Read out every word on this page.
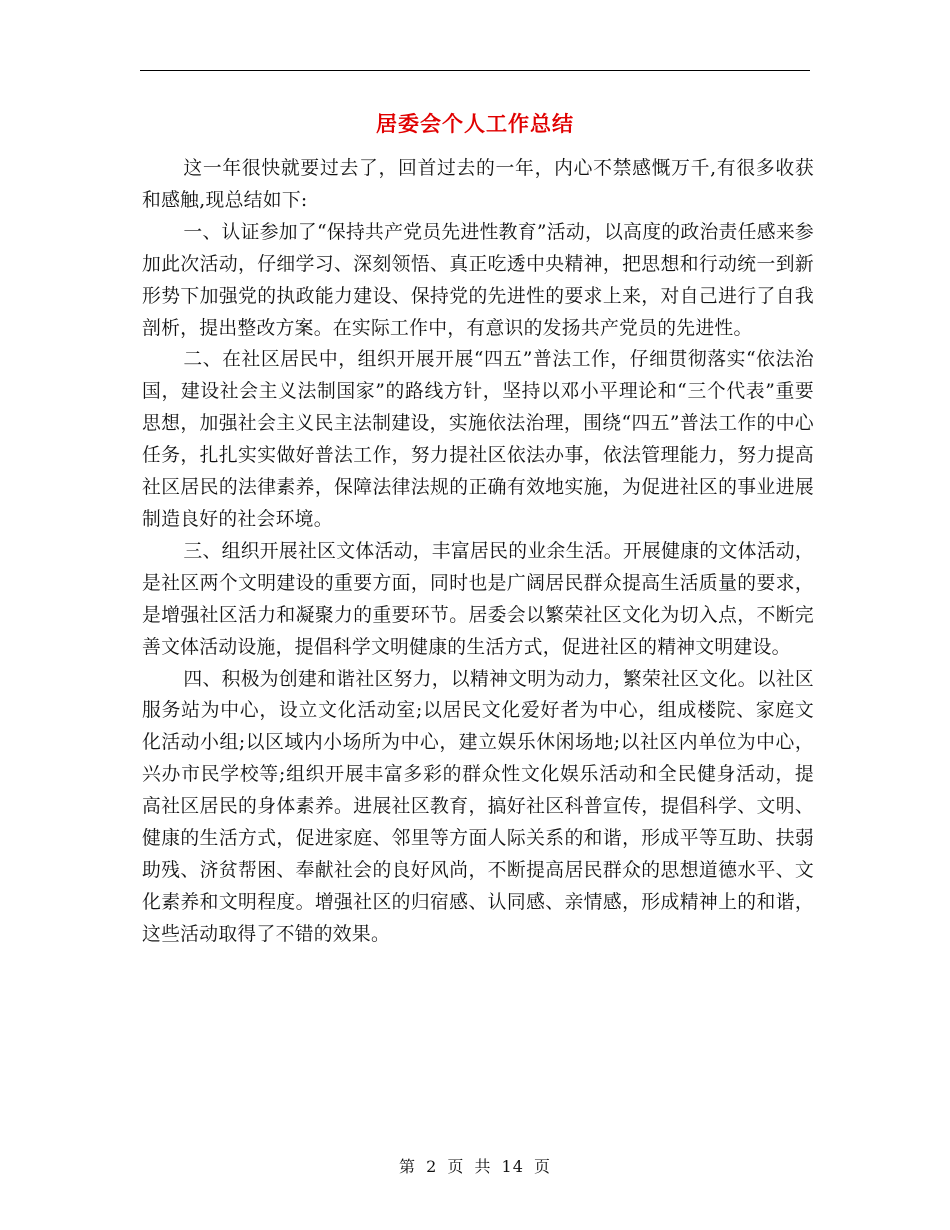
居委会个人工作总结

这一年很快就要过去了，回首过去的一年，内心不禁感慨万千,有很多收获和感触,现总结如下:

一、认证参加了“保持共产党员先进性教育”活动，以高度的政治责任感来参加此次活动，仔细学习、深刻领悟、真正吃透中央精神，把思想和行动统一到新形势下加强党的执政能力建设、保持党的先进性的要求上来，对自己进行了自我剖析，提出整改方案。在实际工作中，有意识的发扬共产党员的先进性。

二、在社区居民中，组织开展开展“四五”普法工作，仔细贯彻落实“依法治国，建设社会主义法制国家”的路线方针，坚持以邓小平理论和“三个代表”重要思想，加强社会主义民主法制建设，实施依法治理，围绕“四五”普法工作的中心任务，扎扎实实做好普法工作，努力提社区依法办事，依法管理能力，努力提高社区居民的法律素养，保障法律法规的正确有效地实施，为促进社区的事业进展制造良好的社会环境。

三、组织开展社区文体活动，丰富居民的业余生活。开展健康的文体活动，是社区两个文明建设的重要方面，同时也是广阔居民群众提高生活质量的要求，是增强社区活力和凝聚力的重要环节。居委会以繁荣社区文化为切入点，不断完善文体活动设施，提倡科学文明健康的生活方式，促进社区的精神文明建设。

四、积极为创建和谐社区努力，以精神文明为动力，繁荣社区文化。以社区服务站为中心，设立文化活动室;以居民文化爱好者为中心，组成楼院、家庭文化活动小组;以区域内小场所为中心，建立娱乐休闲场地;以社区内单位为中心，兴办市民学校等;组织开展丰富多彩的群众性文化娱乐活动和全民健身活动，提高社区居民的身体素养。进展社区教育，搞好社区科普宣传，提倡科学、文明、健康的生活方式，促进家庭、邻里等方面人际关系的和谐，形成平等互助、扶弱助残、济贫帮困、奉献社会的良好风尚，不断提高居民群众的思想道德水平、文化素养和文明程度。增强社区的归宿感、认同感、亲情感，形成精神上的和谐，这些活动取得了不错的效果。

第 2 页 共 14 页
